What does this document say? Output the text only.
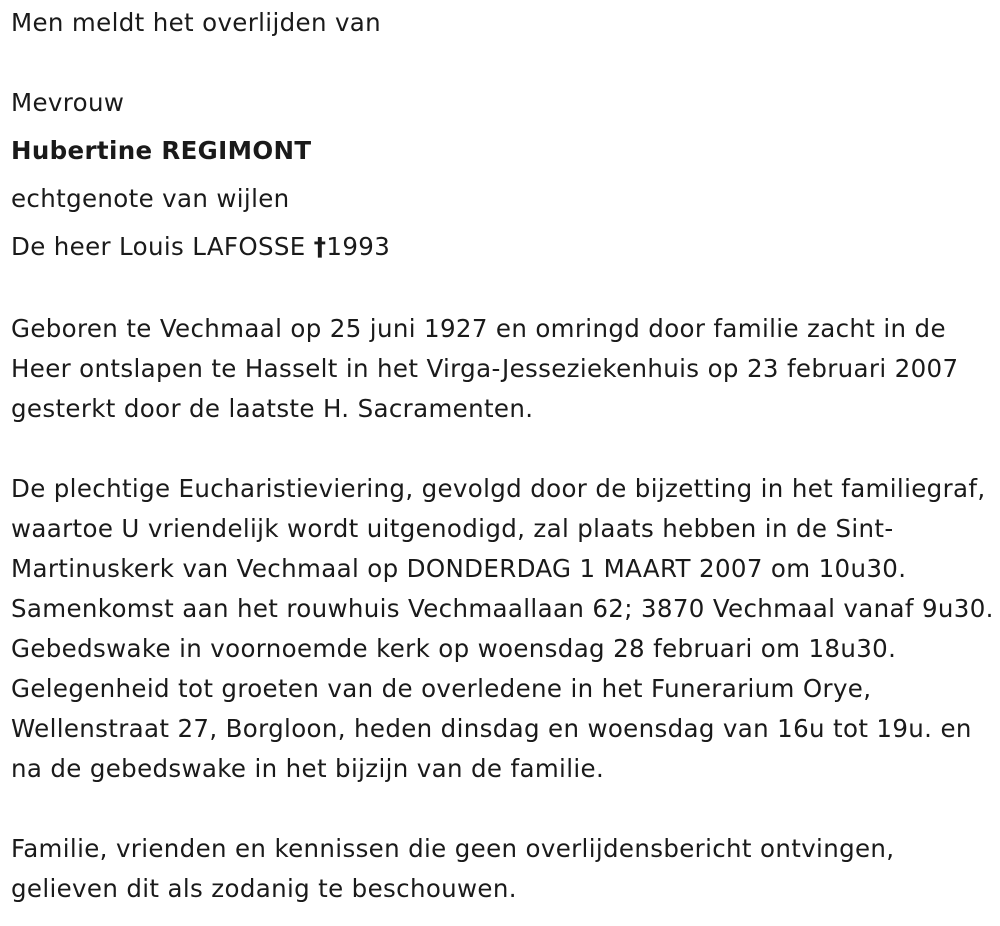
Men meldt het overlijden van
Mevrouw
Hubertine REGIMONT
echtgenote van wijlen
De heer Louis LAFOSSE †1993
Geboren te Vechmaal op 25 juni 1927 en omringd door familie zacht in de Heer ontslapen te Hasselt in het Virga-Jesseziekenhuis op 23 februari 2007 gesterkt door de laatste H. Sacramenten.
De plechtige Eucharistieviering, gevolgd door de bijzetting in het familiegraf, waartoe U vriendelijk wordt uitgenodigd, zal plaats hebben in de Sint-Martinuskerk van Vechmaal op DONDERDAG 1 MAART 2007 om 10u30. Samenkomst aan het rouwhuis Vechmaallaan 62; 3870 Vechmaal vanaf 9u30. Gebedswake in voornoemde kerk op woensdag 28 februari om 18u30. Gelegenheid tot groeten van de overledene in het Funerarium Orye, Wellenstraat 27, Borgloon, heden dinsdag en woensdag van 16u tot 19u. en na de gebedswake in het bijzijn van de familie.
Familie, vrienden en kennissen die geen overlijdensbericht ontvingen, gelieven dit als zodanig te beschouwen.
